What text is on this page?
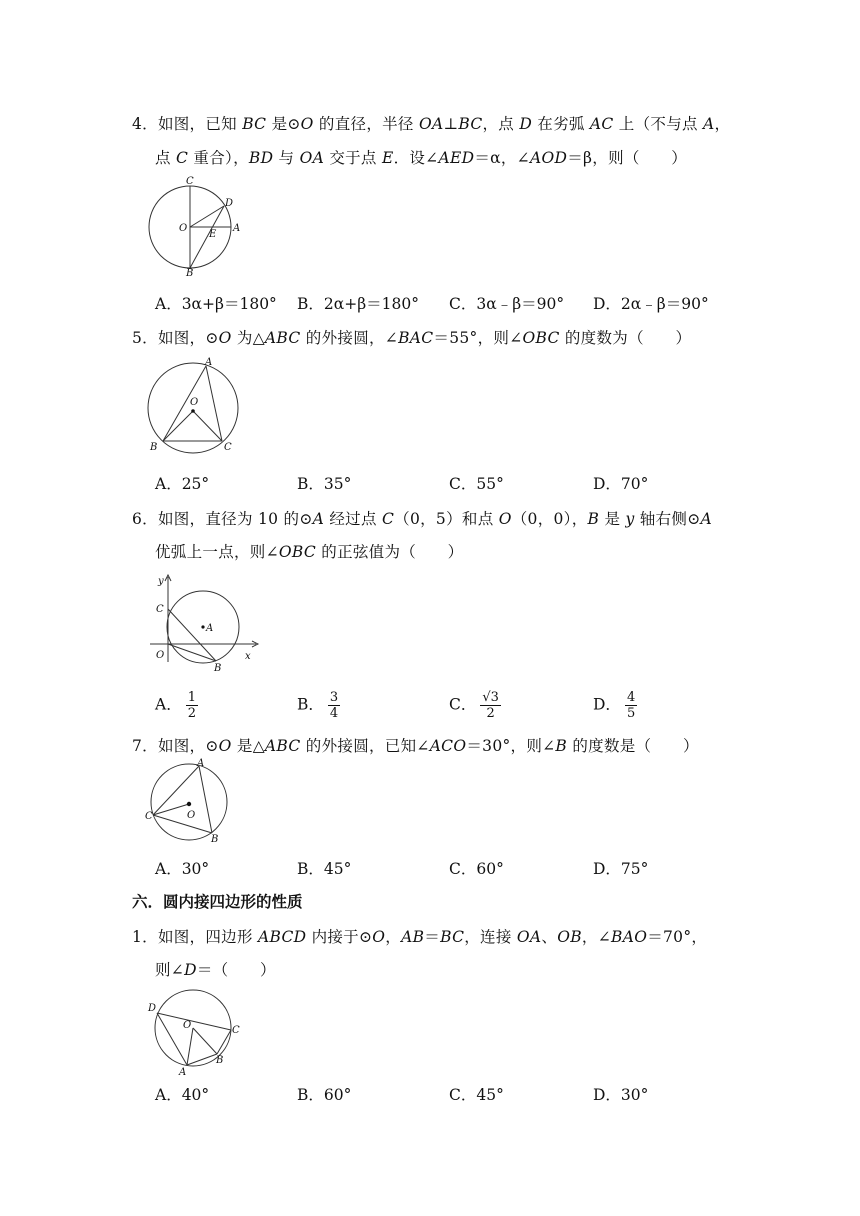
4．如图，已知 BC 是⊙O 的直径，半径 OA⊥BC，点 D 在劣弧 AC 上（不与点 A，
点 C 重合），BD 与 OA 交于点 E．设∠AED＝α，∠AOD＝β，则（　　）
C
D
O
E
A
B
A．3α+β＝180° B．2α+β＝180° C．3α﹣β＝90° D．2α﹣β＝90°
5．如图，⊙O 为△ABC 的外接圆，∠BAC＝55°，则∠OBC 的度数为（　　）
A
O
B	C
A．25°	B．35°	C．55°	D．70°
6．如图，直径为 10 的⊙A 经过点 C（0，5）和点 O（0，0），B 是 y 轴右侧⊙A
优弧上一点，则∠OBC 的正弦值为（　　）
y
C
A
O	x
B
A． $\frac{1}{2}$	B． $\frac{3}{4}$	C． $\frac{√3}{2}$	D． $\frac{4}{5}$
7．如图，⊙O 是△ABC 的外接圆，已知∠ACO＝30°，则∠B 的度数是（　　）
A
C	O
B
A．30°	B．45°	C．60°	D．75°
六．圆内接四边形的性质
1．如图，四边形 ABCD 内接于⊙O，AB＝BC，连接 OA、OB，∠BAO＝70°，
则∠D＝（　　）
D
O	C
B
A
A．40°	B．60°	C．45°	D．30°
